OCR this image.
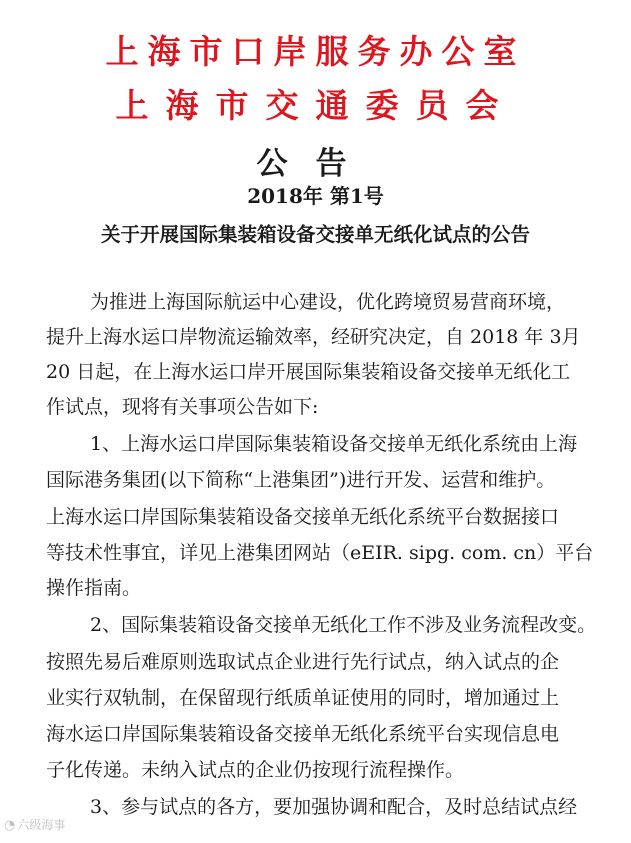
上海市口岸服务办公室
上海市交通委员会
公告
2018年 第1号
关于开展国际集装箱设备交接单无纸化试点的公告
为推进上海国际航运中心建设，优化跨境贸易营商环境，
提升上海水运口岸物流运输效率，经研究决定，自 2018 年 3月
20 日起，在上海水运口岸开展国际集装箱设备交接单无纸化工
作试点，现将有关事项公告如下:
1、上海水运口岸国际集装箱设备交接单无纸化系统由上海
国际港务集团(以下简称“上港集团”)进行开发、运营和维护。
上海水运口岸国际集装箱设备交接单无纸化系统平台数据接口
等技术性事宜，详见上港集团网站（eEIR. sipg. com. cn）平台
操作指南。
2、国际集装箱设备交接单无纸化工作不涉及业务流程改变。
按照先易后难原则选取试点企业进行先行试点，纳入试点的企
业实行双轨制，在保留现行纸质单证使用的同时，增加通过上
海水运口岸国际集装箱设备交接单无纸化系统平台实现信息电
子化传递。未纳入试点的企业仍按现行流程操作。
3、参与试点的各方，要加强协调和配合，及时总结试点经
◔ 六级海事
